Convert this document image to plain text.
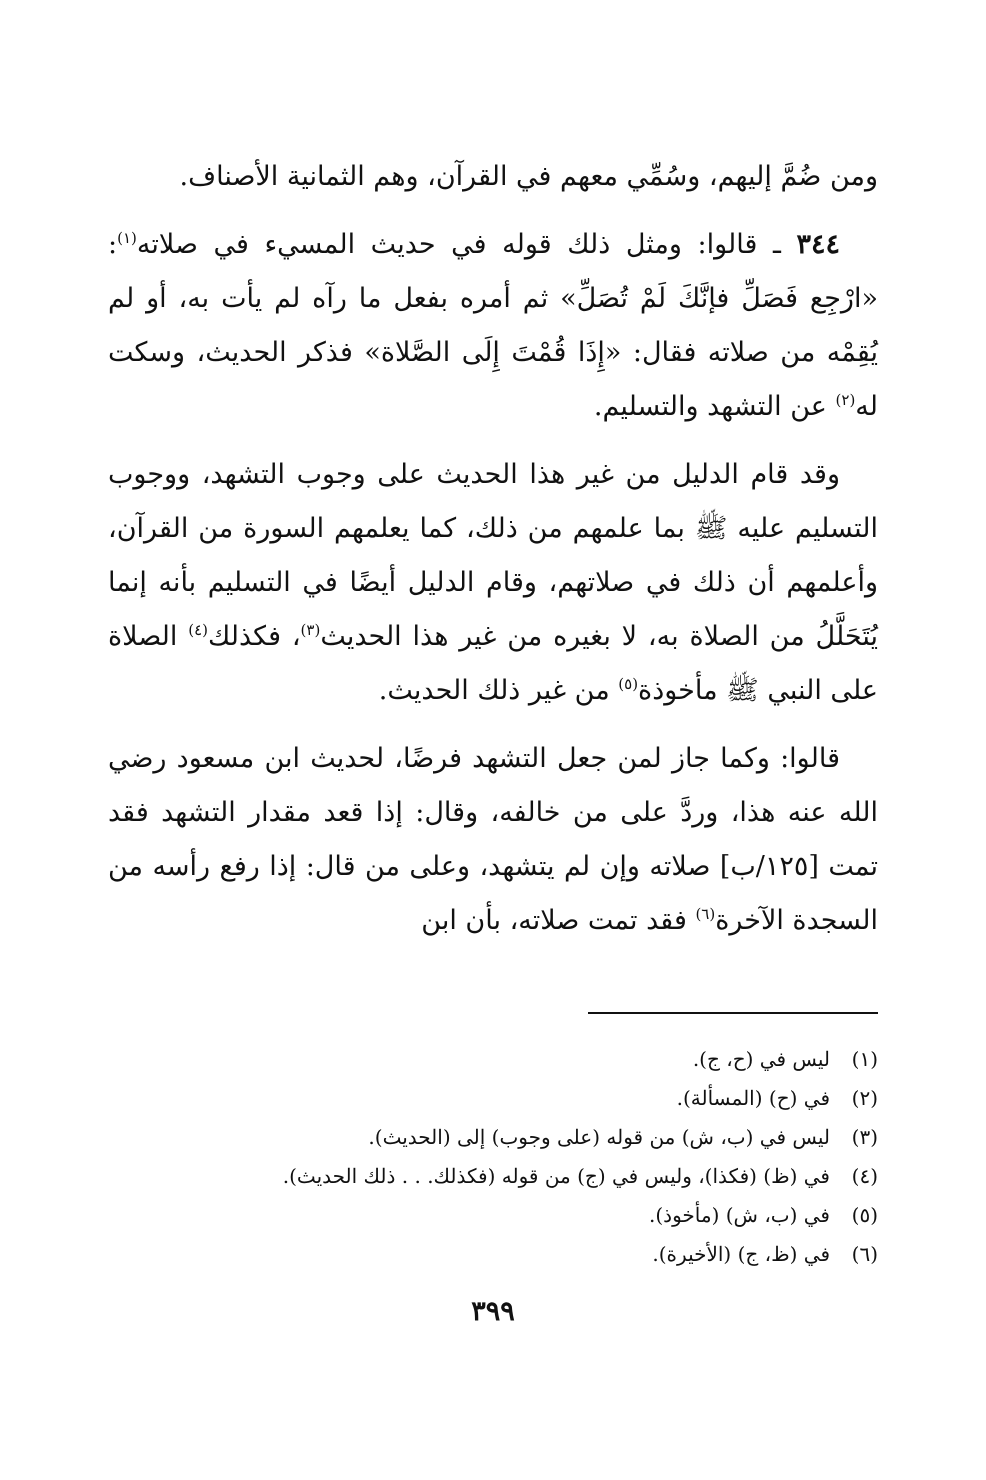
ومن ضُمَّ إليهم، وسُمِّي معهم في القرآن، وهم الثمانية الأصناف.

٣٤٤ ـ قالوا: ومثل ذلك قوله في حديث المسيء في صلاته$^{(١)}$: «ارْجِع فَصَلِّ فإنَّكَ لَمْ تُصَلِّ» ثم أمره بفعل ما رآه لم يأت به، أو لم يُقِمْه من صلاته فقال: «إِذَا قُمْتَ إِلَى الصَّلاة» فذكر الحديث، وسكت له$^{(٢)}$ عن التشهد والتسليم.

وقد قام الدليل من غير هذا الحديث على وجوب التشهد، ووجوب التسليم عليه ﷺ بما علمهم من ذلك، كما يعلمهم السورة من القرآن، وأعلمهم أن ذلك في صلاتهم، وقام الدليل أيضًا في التسليم بأنه إنما يُتَحَلَّلُ من الصلاة به، لا بغيره من غير هذا الحديث$^{(٣)}$، فكذلك$^{(٤)}$ الصلاة على النبي ﷺ مأخوذة$^{(٥)}$ من غير ذلك الحديث.

قالوا: وكما جاز لمن جعل التشهد فرضًا، لحديث ابن مسعود رضي الله عنه هذا، وردَّ على من خالفه، وقال: إذا قعد مقدار التشهد فقد تمت [١٢٥/ب] صلاته وإن لم يتشهد، وعلى من قال: إذا رفع رأسه من السجدة الآخرة$^{(٦)}$ فقد تمت صلاته، بأن ابن

(١)
ليس في (ح، ج).
(٢)
في (ح) (المسألة).
(٣)
ليس في (ب، ش) من قوله (على وجوب) إلى (الحديث).
(٤)
في (ظ) (فكذا)، وليس في (ج) من قوله (فكذلك. . . ذلك الحديث).
(٥)
في (ب، ش) (مأخوذ).
(٦)
في (ظ، ج) (الأخيرة).
٣٩٩
